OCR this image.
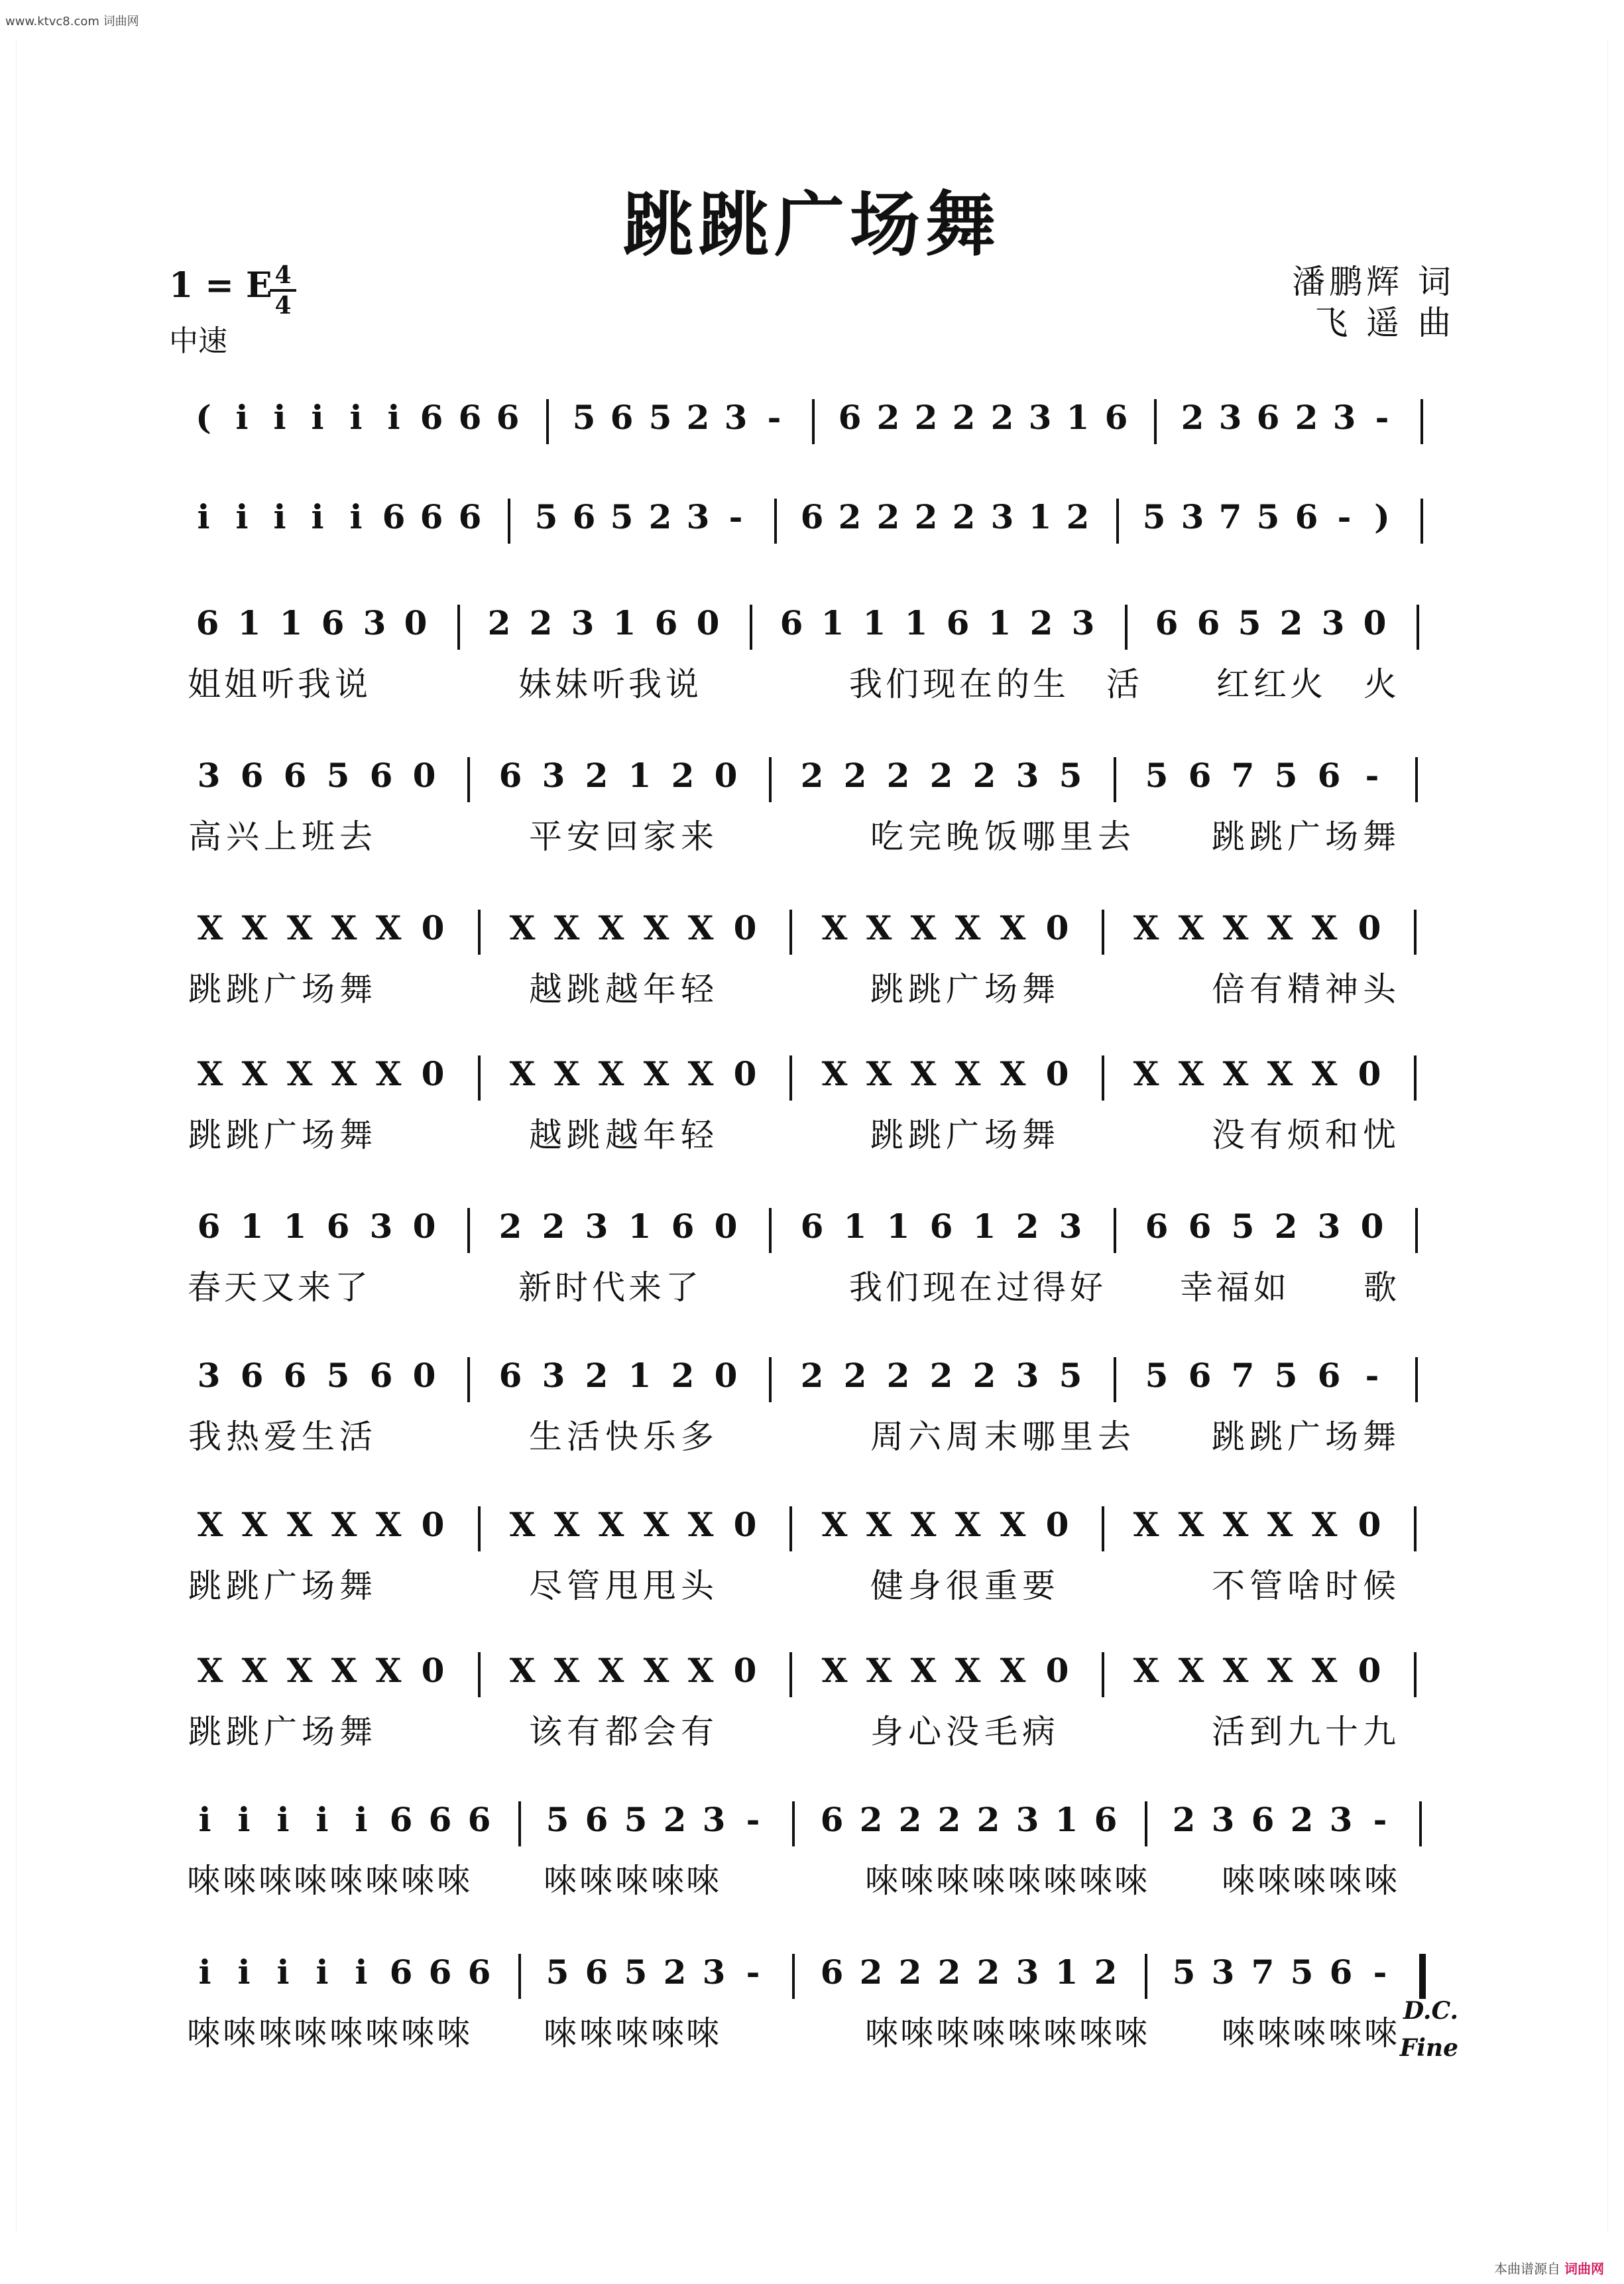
www.ktvc8.com 词曲网
跳跳广场舞
1 = E 4
4
中速
潘鹏辉 词
飞 遥 曲
( i i i i i 6 6 6 5 6 5 2 3 - 6 2 2 2 2 3 1 6 2 3 6 2 3 -
i i i i i 6 6 6 5 6 5 2 3 - 6 2 2 2 2 3 1 2 5 3 7 5 6 - )
6 1 1 6 3 0 2 2 3 1 6 0 6 1 1 1 6 1 2 3 6 6 5 2 3 0
姐 姐 听 我 说	妹 妹 听 我 说	我 们 现 在 的 生 活 红 红 火 火
3 6 6 5 6 0 6 3 2 1 2 0 2 2 2 2 2 3 5 5 6 7 5 6 -
高 兴 上 班 去	平 安 回 家 来	吃 完 晚 饭 哪 里 去 跳 跳 广 场 舞
X X X X X 0 X X X X X 0 X X X X X 0 X X X X X 0
跳 跳 广 场 舞	越 跳 越 年 轻	跳 跳 广 场 舞	倍 有 精 神 头
X X X X X 0 X X X X X 0 X X X X X 0 X X X X X 0
跳 跳 广 场 舞	越 跳 越 年 轻	跳 跳 广 场 舞	没 有 烦 和 忧
6 1 1 6 3 0 2 2 3 1 6 0 6 1 1 6 1 2 3 6 6 5 2 3 0
春 天 又 来 了	新 时 代 来 了	我 们 现 在 过 得 好 幸 福 如 歌
3 6 6 5 6 0 6 3 2 1 2 0 2 2 2 2 2 3 5 5 6 7 5 6 -
我 热 爱 生 活	生 活 快 乐 多	周 六 周 末 哪 里 去 跳 跳 广 场 舞
X X X X X 0 X X X X X 0 X X X X X 0 X X X X X 0
跳 跳 广 场 舞	尽 管 甩 甩 头	健 身 很 重 要	不 管 啥 时 候
X X X X X 0 X X X X X 0 X X X X X 0 X X X X X 0
跳 跳 广 场 舞	该 有 都 会 有	身 心 没 毛 病	活 到 九 十 九
i i i i i 6 6 6 5 6 5 2 3 - 6 2 2 2 2 3 1 6 2 3 6 2 3 -
唻 唻 唻 唻 唻 唻 唻 唻 唻 唻 唻 唻 唻	唻 唻 唻 唻 唻 唻 唻 唻 唻 唻 唻 唻 唻
i i i i i 6 6 6 5 6 5 2 3 - 6 2 2 2 2 3 1 2 5 3 7 5 6 -
唻 唻 唻 唻 唻 唻 唻 唻 唻 唻 唻 唻 唻	唻 唻 唻 唻 唻 唻 唻 唻 唻 唻 唻 唻 唻
D.C.
Fine
本曲谱源自 词曲网
